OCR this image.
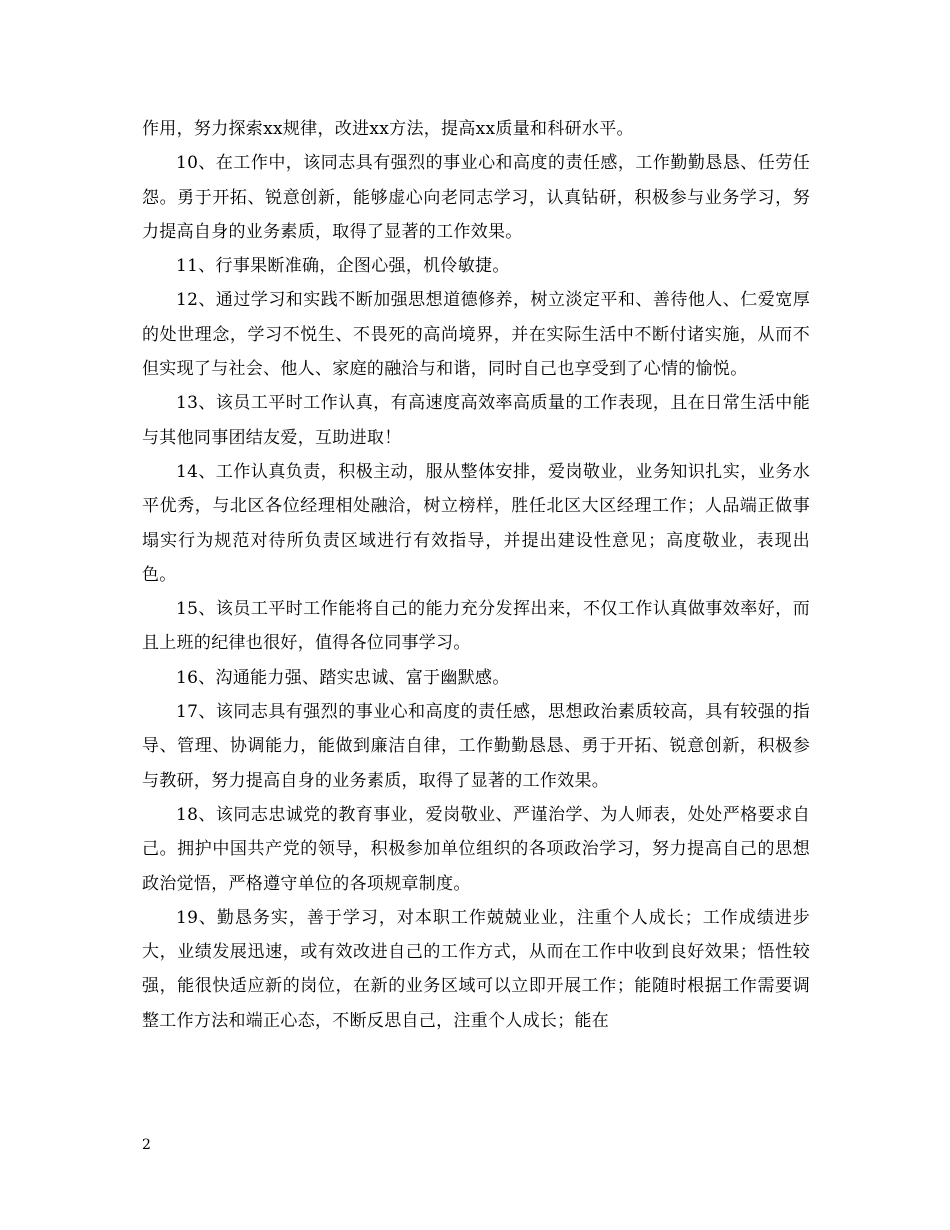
作用，努力探索xx规律，改进xx方法，提高xx质量和科研水平。

10、在工作中，该同志具有强烈的事业心和高度的责任感，工作勤勤恳恳、任劳任怨。勇于开拓、锐意创新，能够虚心向老同志学习，认真钻研，积极参与业务学习，努力提高自身的业务素质，取得了显著的工作效果。

11、行事果断准确，企图心强，机伶敏捷。

12、通过学习和实践不断加强思想道德修养，树立淡定平和、善待他人、仁爱宽厚的处世理念，学习不悦生、不畏死的高尚境界，并在实际生活中不断付诸实施，从而不但实现了与社会、他人、家庭的融洽与和谐，同时自己也享受到了心情的愉悦。

13、该员工平时工作认真，有高速度高效率高质量的工作表现，且在日常生活中能与其他同事团结友爱，互助进取！

14、工作认真负责，积极主动，服从整体安排，爱岗敬业，业务知识扎实，业务水平优秀，与北区各位经理相处融洽，树立榜样，胜任北区大区经理工作；人品端正做事塌实行为规范对待所负责区域进行有效指导，并提出建设性意见；高度敬业，表现出色。

15、该员工平时工作能将自己的能力充分发挥出来，不仅工作认真做事效率好，而且上班的纪律也很好，值得各位同事学习。

16、沟通能力强、踏实忠诚、富于幽默感。

17、该同志具有强烈的事业心和高度的责任感，思想政治素质较高，具有较强的指导、管理、协调能力，能做到廉洁自律，工作勤勤恳恳、勇于开拓、锐意创新，积极参与教研，努力提高自身的业务素质，取得了显著的工作效果。

18、该同志忠诚党的教育事业，爱岗敬业、严谨治学、为人师表，处处严格要求自己。拥护中国共产党的领导，积极参加单位组织的各项政治学习，努力提高自己的思想政治觉悟，严格遵守单位的各项规章制度。

19、勤恳务实，善于学习，对本职工作兢兢业业，注重个人成长；工作成绩进步大，业绩发展迅速，或有效改进自己的工作方式，从而在工作中收到良好效果；悟性较强，能很快适应新的岗位，在新的业务区域可以立即开展工作；能随时根据工作需要调整工作方法和端正心态，不断反思自己，注重个人成长；能在

2
